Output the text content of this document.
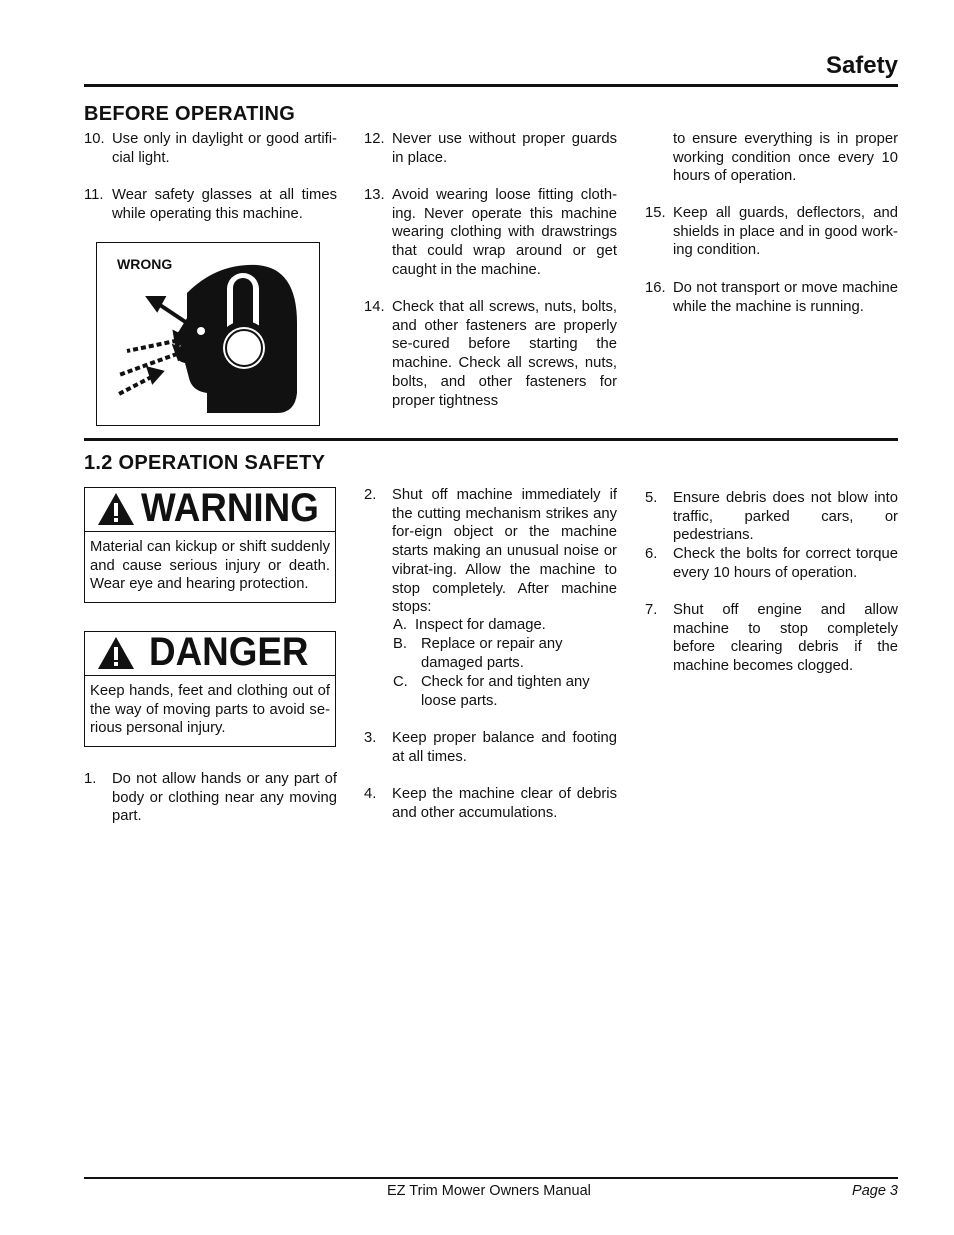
Safety
BEFORE OPERATING
10. Use only in daylight or good artifi-cial light.
11. Wear safety glasses at all times while operating this machine.
WRONG
12. Never use without proper guards in place.
13. Avoid wearing loose fitting cloth-ing. Never operate this machine wearing clothing with drawstrings that could wrap around or get caught in the machine.
14. Check that all screws, nuts, bolts, and other fasteners are properly se-cured before starting the machine. Check all screws, nuts, bolts, and other fasteners for proper tightness
to ensure everything is in proper working condition once every 10 hours of operation.
15. Keep all guards, deflectors, and shields in place and in good work-ing condition.
16. Do not transport or move machine while the machine is running.
1.2 OPERATION SAFETY
WARNING
Material can kickup or shift suddenly and cause serious injury or death. Wear eye and hearing protection.
DANGER
Keep hands, feet and clothing out of the way of moving parts to avoid se-rious personal injury.
1. Do not allow hands or any part of body or clothing near any moving part.
2. Shut off machine immediately if the cutting mechanism strikes any for-eign object or the machine starts making an unusual noise or vibrat-ing. Allow the machine to stop completely. After machine stops:
A. Inspect for damage.
B. Replace or repair any damaged parts.
C. Check for and tighten any loose parts.
3. Keep proper balance and footing at all times.
4. Keep the machine clear of debris and other accumulations.
5. Ensure debris does not blow into traffic, parked cars, or pedestrians.
6. Check the bolts for correct torque every 10 hours of operation.
7. Shut off engine and allow machine to stop completely before clearing debris if the machine becomes clogged.
EZ Trim Mower Owners Manual	Page 3
